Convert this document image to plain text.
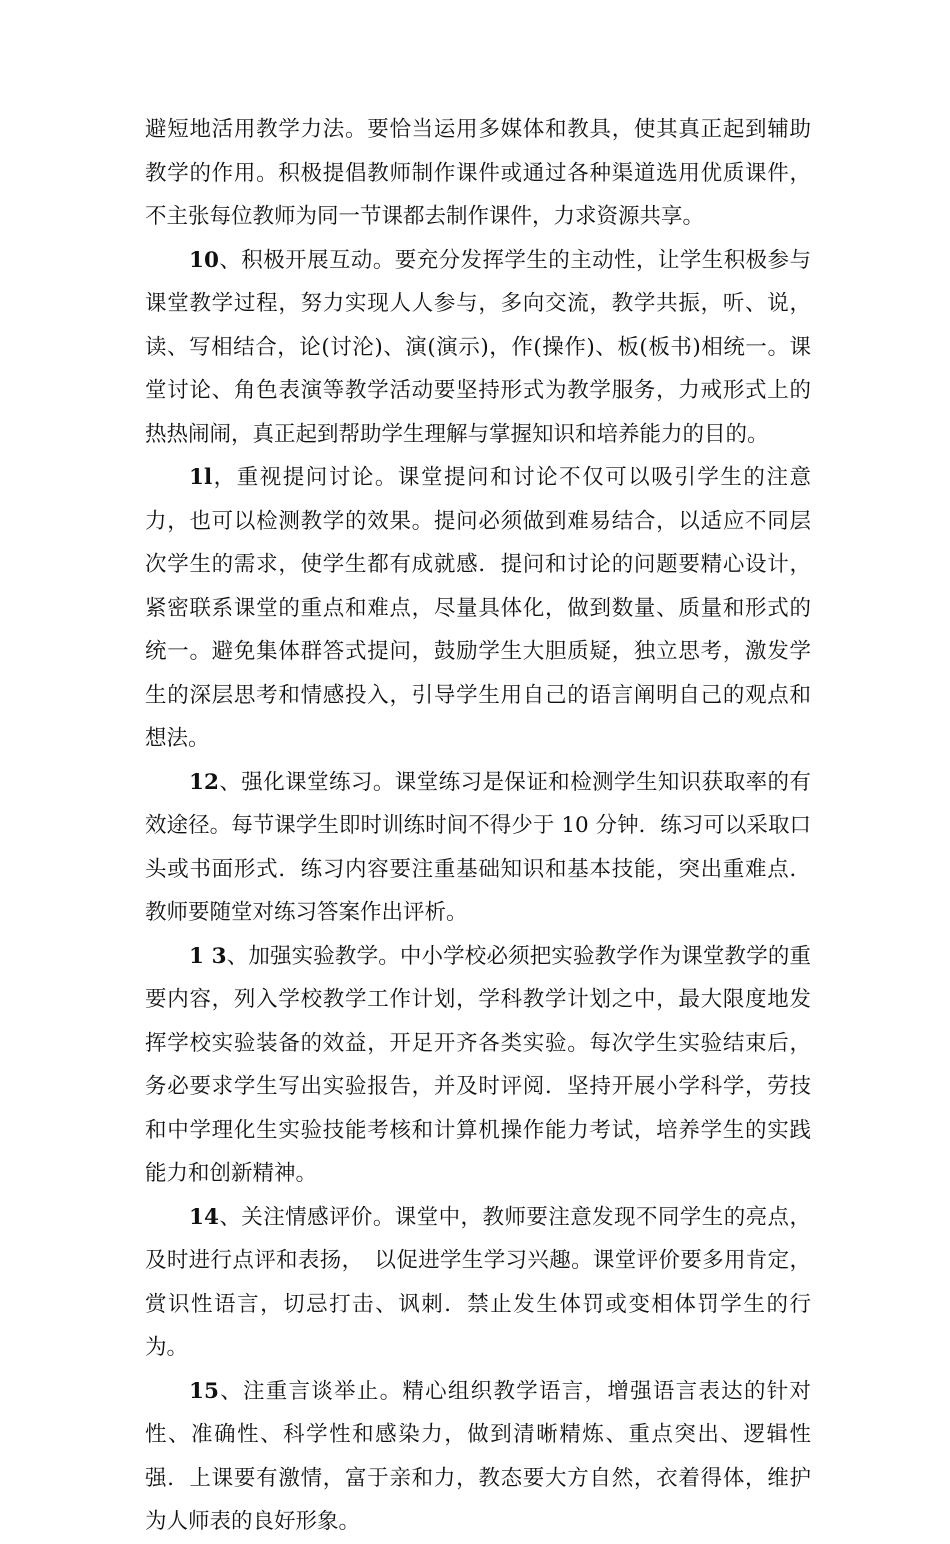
避短地活用教学力法。要恰当运用多媒体和教具，使其真正起到辅助教学的作用。积极提倡教师制作课件或通过各种渠道选用优质课件，不主张每位教师为同一节课都去制作课件，力求资源共享。

10、积极开展互动。要充分发挥学生的主动性，让学生积极参与课堂教学过程，努力实现人人参与，多向交流，教学共振，听、说，读、写相结合，论(讨沦)、演(演示)，作(操作)、板(板书)相统一。课堂讨论、角色表演等教学活动要坚持形式为教学服务，力戒形式上的热热闹闹，真正起到帮助学生理解与掌握知识和培养能力的目的。

1l，重视提问讨论。课堂提问和讨论不仅可以吸引学生的注意力，也可以检测教学的效果。提问必须做到难易结合，以适应不同层次学生的需求，使学生都有成就感．提问和讨论的问题要精心设计，紧密联系课堂的重点和难点，尽量具体化，做到数量、质量和形式的统一。避免集体群答式提问，鼓励学生大胆质疑，独立思考，激发学生的深层思考和情感投入，引导学生用自己的语言阐明自己的观点和想法。

12、强化课堂练习。课堂练习是保证和检测学生知识获取率的有效途径。每节课学生即时训练时间不得少于 10 分钟．练习可以采取口头或书面形式．练习内容要注重基础知识和基本技能，突出重难点．教师要随堂对练习答案作出评析。

1 3、加强实验教学。中小学校必须把实验教学作为课堂教学的重要内容，列入学校教学工作计划，学科教学计划之中，最大限度地发挥学校实验装备的效益，开足开齐各类实验。每次学生实验结束后，务必要求学生写出实验报告，并及时评阅．坚持开展小学科学，劳技和中学理化生实验技能考核和计算机操作能力考试，培养学生的实践能力和创新精神。

14、关注情感评价。课堂中，教师要注意发现不同学生的亮点，及时进行点评和表扬，　以促进学生学习兴趣。课堂评价要多用肯定，赏识性语言，切忌打击、讽刺．禁止发生体罚或变相体罚学生的行为。

15、注重言谈举止。精心组织教学语言，增强语言表达的针对性、准确性、科学性和感染力，做到清晰精炼、重点突出、逻辑性强．上课要有激情，富于亲和力，教态要大方自然，衣着得体，维护为人师表的良好形象。
